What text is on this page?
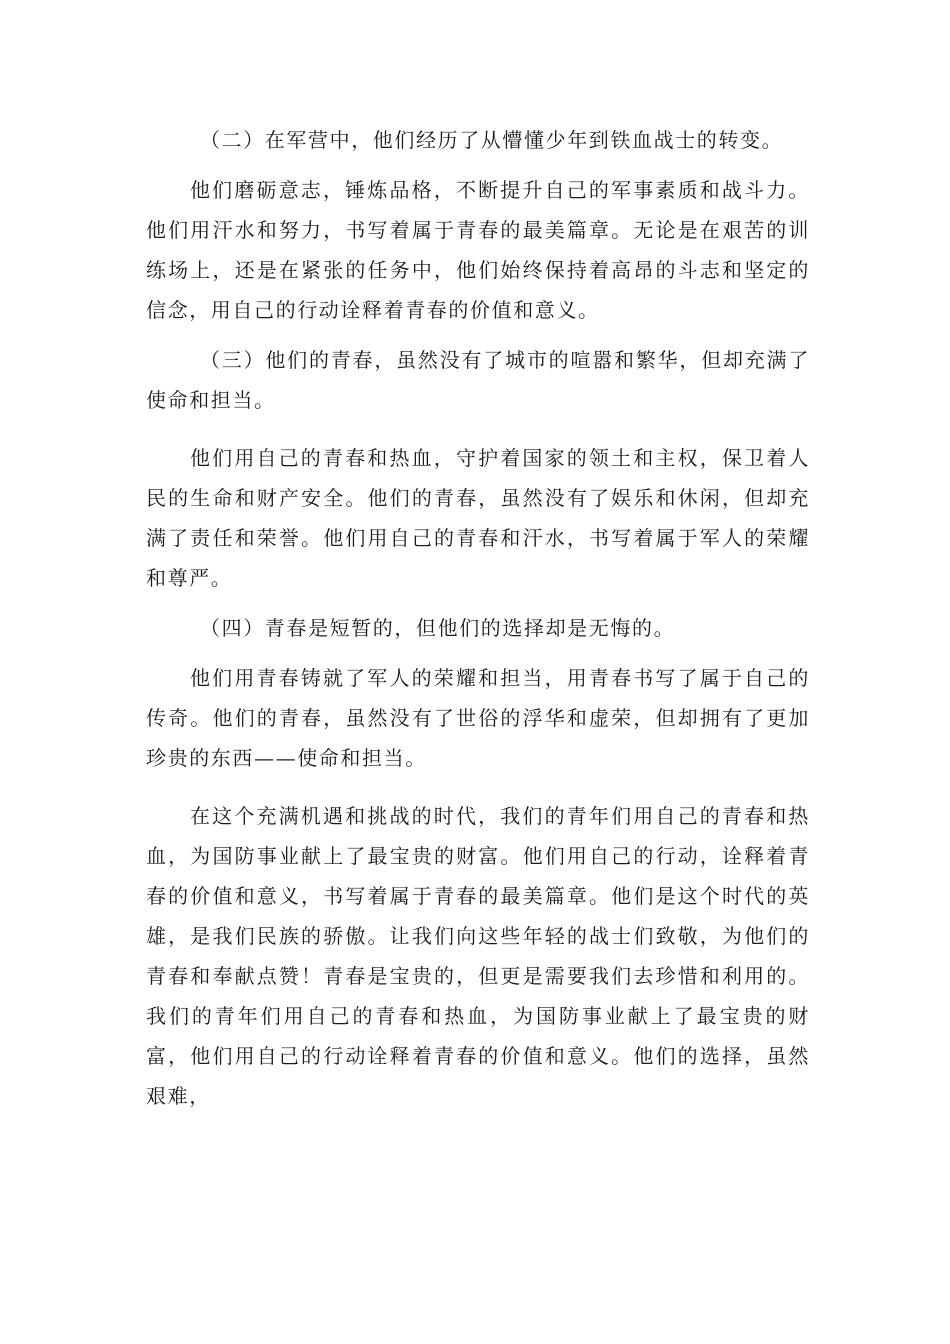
（二）在军营中，他们经历了从懵懂少年到铁血战士的转变。

他们磨砺意志，锤炼品格，不断提升自己的军事素质和战斗力。他们用汗水和努力，书写着属于青春的最美篇章。无论是在艰苦的训练场上，还是在紧张的任务中，他们始终保持着高昂的斗志和坚定的信念，用自己的行动诠释着青春的价值和意义。

（三）他们的青春，虽然没有了城市的喧嚣和繁华，但却充满了使命和担当。

他们用自己的青春和热血，守护着国家的领土和主权，保卫着人民的生命和财产安全。他们的青春，虽然没有了娱乐和休闲，但却充满了责任和荣誉。他们用自己的青春和汗水，书写着属于军人的荣耀和尊严。

（四）青春是短暂的，但他们的选择却是无悔的。

他们用青春铸就了军人的荣耀和担当，用青春书写了属于自己的传奇。他们的青春，虽然没有了世俗的浮华和虚荣，但却拥有了更加珍贵的东西——使命和担当。

在这个充满机遇和挑战的时代，我们的青年们用自己的青春和热血，为国防事业献上了最宝贵的财富。他们用自己的行动，诠释着青春的价值和意义，书写着属于青春的最美篇章。他们是这个时代的英雄，是我们民族的骄傲。让我们向这些年轻的战士们致敬，为他们的青春和奉献点赞！青春是宝贵的，但更是需要我们去珍惜和利用的。我们的青年们用自己的青春和热血，为国防事业献上了最宝贵的财富，他们用自己的行动诠释着青春的价值和意义。他们的选择，虽然艰难，
